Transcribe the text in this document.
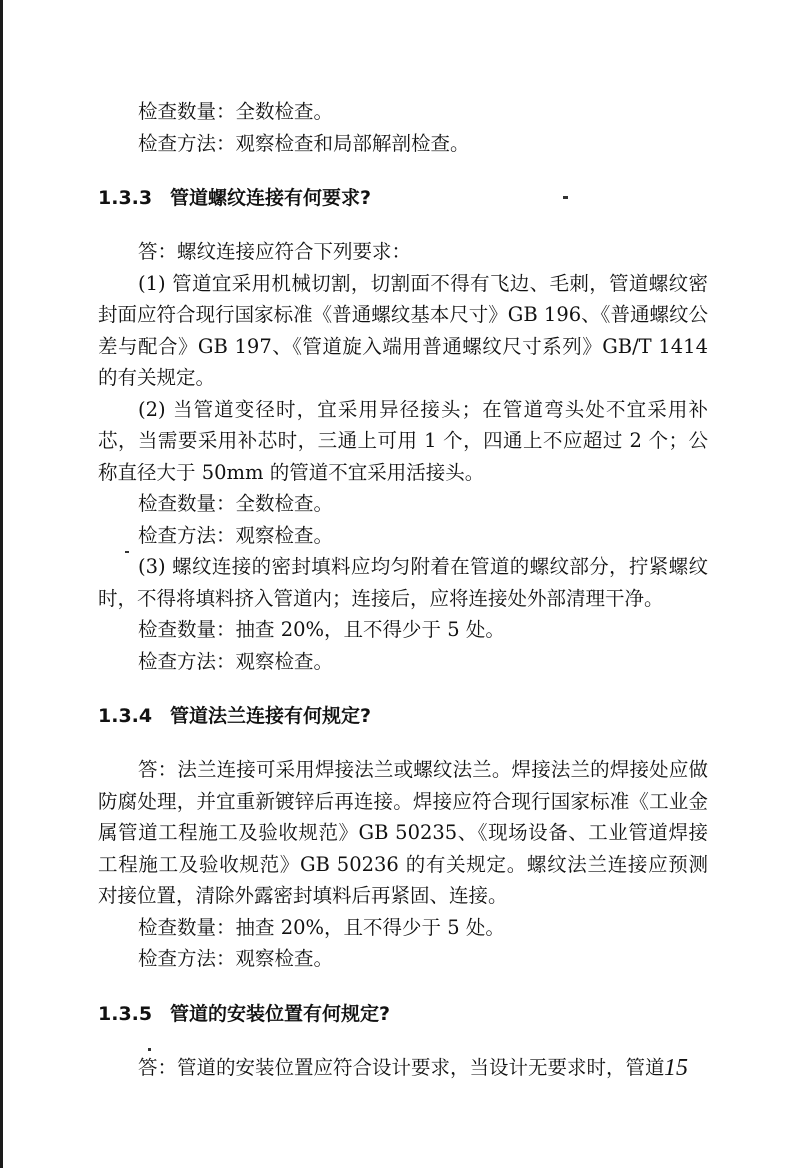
检查数量：全数检查。

检查方法：观察检查和局部解剖检查。

1.3.3 管道螺纹连接有何要求?

答：螺纹连接应符合下列要求：

(1) 管道宜采用机械切割，切割面不得有飞边、毛刺，管道螺纹密封面应符合现行国家标准《普通螺纹基本尺寸》GB 196、《普通螺纹公差与配合》GB 197、《管道旋入端用普通螺纹尺寸系列》GB/T 1414 的有关规定。

(2) 当管道变径时，宜采用异径接头；在管道弯头处不宜采用补芯，当需要采用补芯时，三通上可用 1 个，四通上不应超过 2 个；公称直径大于 50mm 的管道不宜采用活接头。

检查数量：全数检查。

检查方法：观察检查。

(3) 螺纹连接的密封填料应均匀附着在管道的螺纹部分，拧紧螺纹时，不得将填料挤入管道内；连接后，应将连接处外部清理干净。

检查数量：抽查 20%，且不得少于 5 处。

检查方法：观察检查。

1.3.4 管道法兰连接有何规定?

答：法兰连接可采用焊接法兰或螺纹法兰。焊接法兰的焊接处应做防腐处理，并宜重新镀锌后再连接。焊接应符合现行国家标准《工业金属管道工程施工及验收规范》GB 50235、《现场设备、工业管道焊接工程施工及验收规范》GB 50236 的有关规定。螺纹法兰连接应预测对接位置，清除外露密封填料后再紧固、连接。

检查数量：抽查 20%，且不得少于 5 处。

检查方法：观察检查。

1.3.5 管道的安装位置有何规定?

答：管道的安装位置应符合设计要求，当设计无要求时，管道 15
